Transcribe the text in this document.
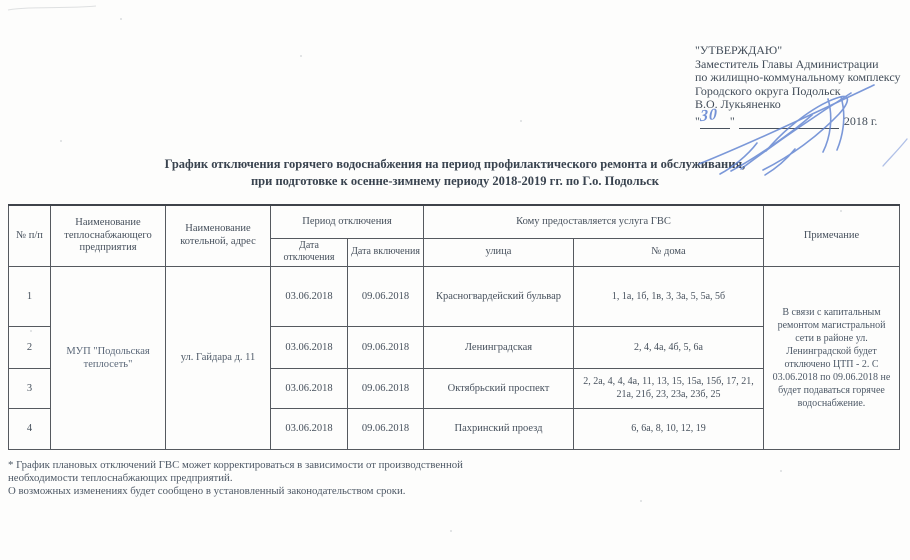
"УТВЕРЖДАЮ"
Заместитель Главы Администрации
по жилищно-коммунальному комплексу
Городского округа Подольск
В.О. Лукьяненко
"	"	2018 г.
30
График отключения горячего водоснабжения на период профилактического ремонта и обслуживания,
при подготовке к осенне-зимнему периоду 2018-2019 гг. по Г.о. Подольск
№ п/п	Наименование теплоснабжающего предприятия	Наименование котельной, адрес	Период отключения		Кому предоставляется услуга ГВС		Примечание
			Дата отключения	Дата включения	улица	№ дома	
1	МУП "Подольская теплосеть"	ул. Гайдара д. 11	03.06.2018	09.06.2018	Красногвардейский бульвар	1, 1а, 1б, 1в, 3, 3а, 5, 5а, 5б	В связи с капитальным ремонтом магистральной сети в районе ул. Ленинградской будет отключено ЦТП - 2. С 03.06.2018 по 09.06.2018 не будет подаваться горячее водоснабжение.
2			03.06.2018	09.06.2018	Ленинградская	2, 4, 4а, 4б, 5, 6а	
3			03.06.2018	09.06.2018	Октябрьский проспект	2, 2а, 4, 4, 4а, 11, 13, 15, 15а, 15б, 17, 21, 21а, 21б, 23, 23а, 23б, 25	
4			03.06.2018	09.06.2018	Пахринский проезд	6, 6а, 8, 10, 12, 19	
* График плановых отключений ГВС может корректироваться в зависимости от производственной
необходимости теплоснабжающих предприятий.
О возможных изменениях будет сообщено в установленный законодательством сроки.
